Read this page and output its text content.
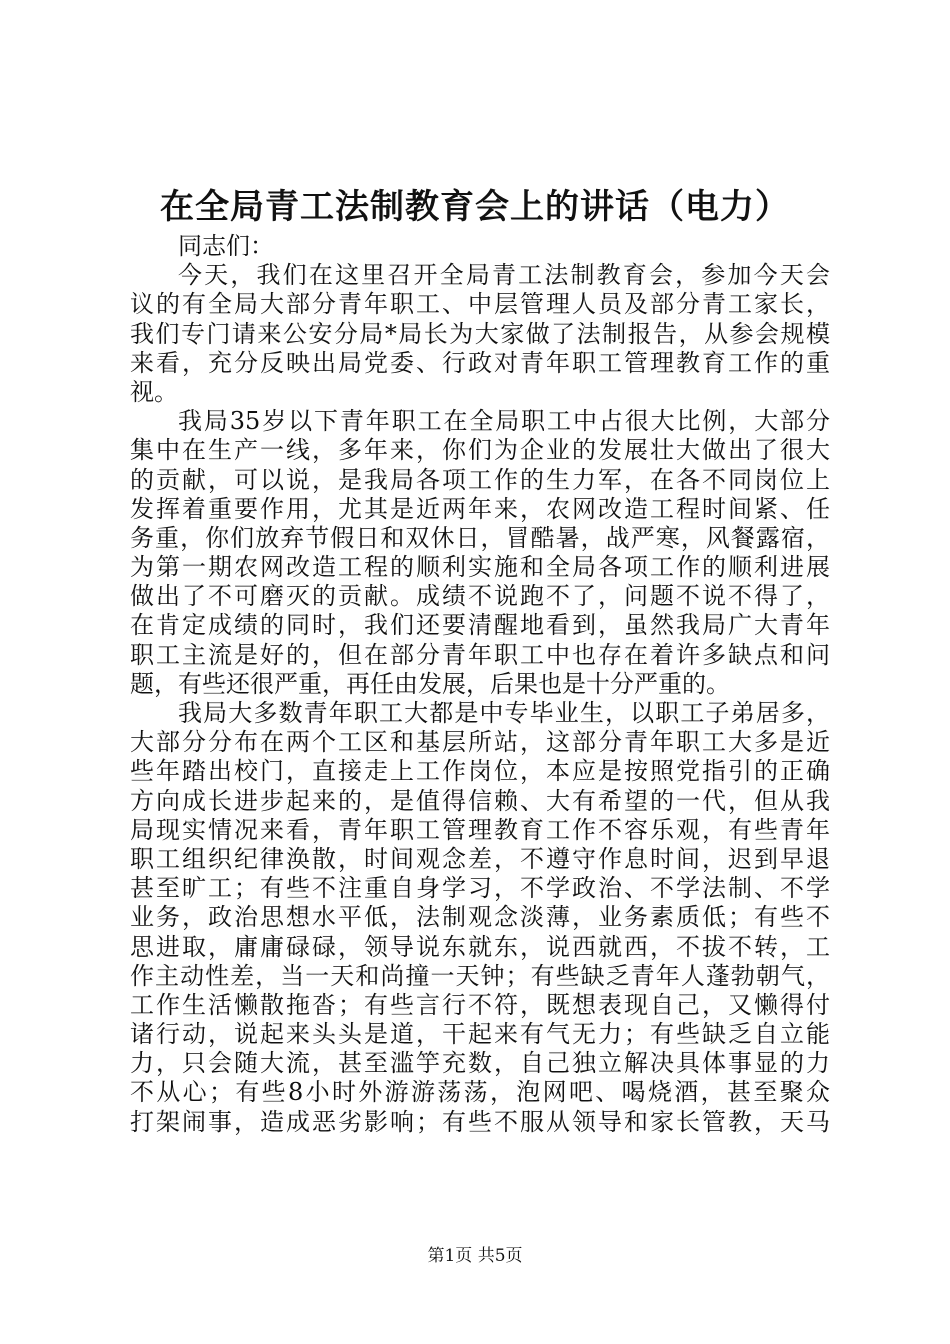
在全局青工法制教育会上的讲话（电力）
同志们：
今天，我们在这里召开全局青工法制教育会，参加今天会
议的有全局大部分青年职工、中层管理人员及部分青工家长，
我们专门请来公安分局*局长为大家做了法制报告，从参会规模
来看，充分反映出局党委、行政对青年职工管理教育工作的重
视。
我局35岁以下青年职工在全局职工中占很大比例，大部分
集中在生产一线，多年来，你们为企业的发展壮大做出了很大
的贡献，可以说，是我局各项工作的生力军，在各不同岗位上
发挥着重要作用，尤其是近两年来，农网改造工程时间紧、任
务重，你们放弃节假日和双休日，冒酷暑，战严寒，风餐露宿，
为第一期农网改造工程的顺利实施和全局各项工作的顺利进展
做出了不可磨灭的贡献。成绩不说跑不了，问题不说不得了，
在肯定成绩的同时，我们还要清醒地看到，虽然我局广大青年
职工主流是好的，但在部分青年职工中也存在着许多缺点和问
题，有些还很严重，再任由发展，后果也是十分严重的。
我局大多数青年职工大都是中专毕业生，以职工子弟居多，
大部分分布在两个工区和基层所站，这部分青年职工大多是近
些年踏出校门，直接走上工作岗位，本应是按照党指引的正确
方向成长进步起来的，是值得信赖、大有希望的一代，但从我
局现实情况来看，青年职工管理教育工作不容乐观，有些青年
职工组织纪律涣散，时间观念差，不遵守作息时间，迟到早退
甚至旷工；有些不注重自身学习，不学政治、不学法制、不学
业务，政治思想水平低，法制观念淡薄，业务素质低；有些不
思进取，庸庸碌碌，领导说东就东，说西就西，不拔不转，工
作主动性差，当一天和尚撞一天钟；有些缺乏青年人蓬勃朝气，
工作生活懒散拖沓；有些言行不符，既想表现自己，又懒得付
诸行动，说起来头头是道，干起来有气无力；有些缺乏自立能
力，只会随大流，甚至滥竽充数，自己独立解决具体事显的力
不从心；有些8小时外游游荡荡，泡网吧、喝烧酒，甚至聚众
打架闹事，造成恶劣影响；有些不服从领导和家长管教，天马
第1页 共5页
